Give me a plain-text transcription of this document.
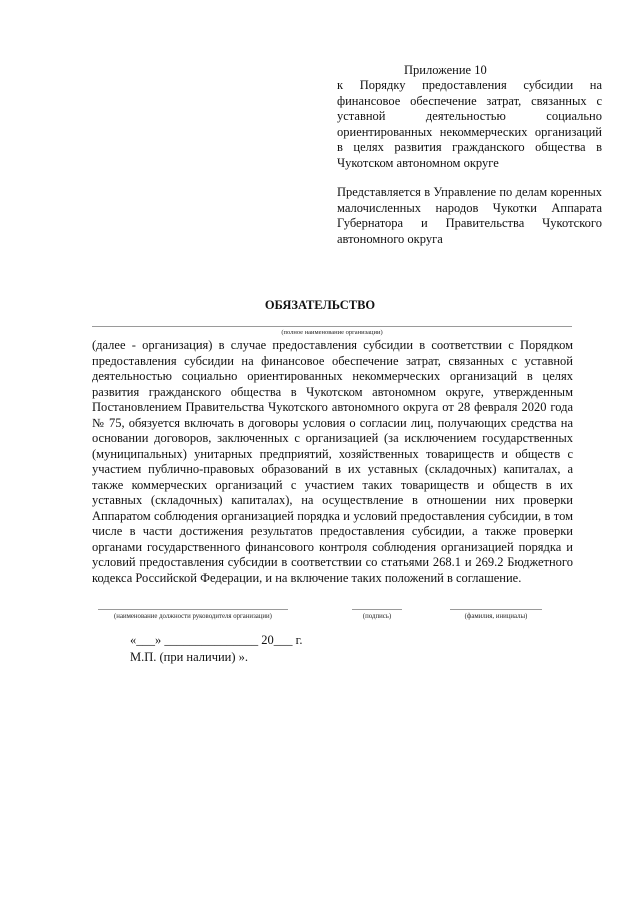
Приложение 10
к Порядку предоставления субсидии на финансовое обеспечение затрат, связанных с уставной деятельностью социально ориентированных некоммерческих организаций в целях развития гражданского общества в Чукотском автономном округе
Представляется в Управление по делам коренных малочисленных народов Чукотки Аппарата Губернатора и Правительства Чукотского автономного округа
ОБЯЗАТЕЛЬСТВО
(полное наименование организации)
(далее - организация) в случае предоставления субсидии в соответствии с Порядком предоставления субсидии на финансовое обеспечение затрат, связанных с уставной деятельностью социально ориентированных некоммерческих организаций в целях развития гражданского общества в Чукотском автономном округе, утвержденным Постановлением Правительства Чукотского автономного округа от 28 февраля 2020 года № 75, обязуется включать в договоры условия о согласии лиц, получающих средства на основании договоров, заключенных с организацией (за исключением государственных (муниципальных) унитарных предприятий, хозяйственных товариществ и обществ с участием публично-правовых образований в их уставных (складочных) капиталах, а также коммерческих организаций с участием таких товариществ и обществ в их уставных (складочных) капиталах), на осуществление в отношении них проверки Аппаратом соблюдения организацией порядка и условий предоставления субсидии, в том числе в части достижения результатов предоставления субсидии, а также проверки органами государственного финансового контроля соблюдения организацией порядка и условий предоставления субсидии в соответствии со статьями 268.1 и 269.2 Бюджетного кодекса Российской Федерации, и на включение таких положений в соглашение.
(наименование должности руководителя организации)	(подпись)	(фамилия, инициалы)
«___» _______________ 20___ г.
М.П. (при наличии) ».
